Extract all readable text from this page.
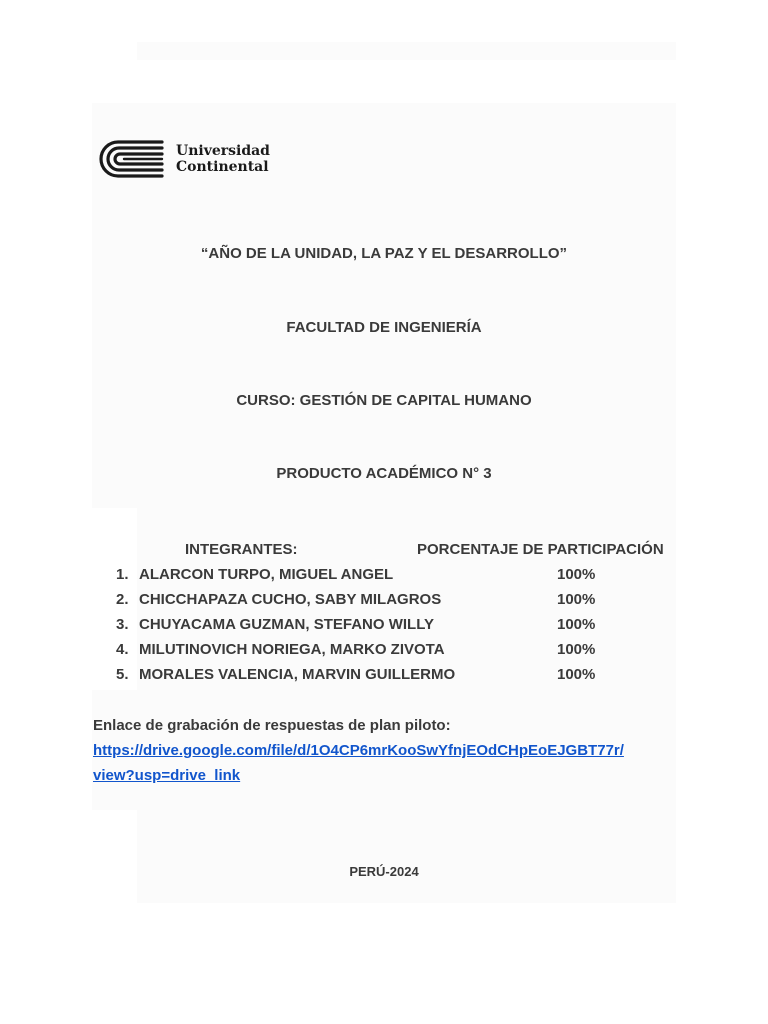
Universidad
Continental
“AÑO DE LA UNIDAD, LA PAZ Y EL DESARROLLO”
FACULTAD DE INGENIERÍA
CURSO: GESTIÓN DE CAPITAL HUMANO
PRODUCTO ACADÉMICO N° 3
INTEGRANTES:	PORCENTAJE DE PARTICIPACIÓN
1. ALARCON TURPO, MIGUEL ANGEL	100%
2. CHICCHAPAZA CUCHO, SABY MILAGROS	100%
3. CHUYACAMA GUZMAN, STEFANO WILLY	100%
4. MILUTINOVICH NORIEGA, MARKO ZIVOTA	100%
5. MORALES VALENCIA, MARVIN GUILLERMO	100%
Enlace de grabación de respuestas de plan piloto:
https://drive.google.com/file/d/1O4CP6mrKooSwYfnjEOdCHpEoEJGBT77r/
view?usp=drive_link
PERÚ-2024
